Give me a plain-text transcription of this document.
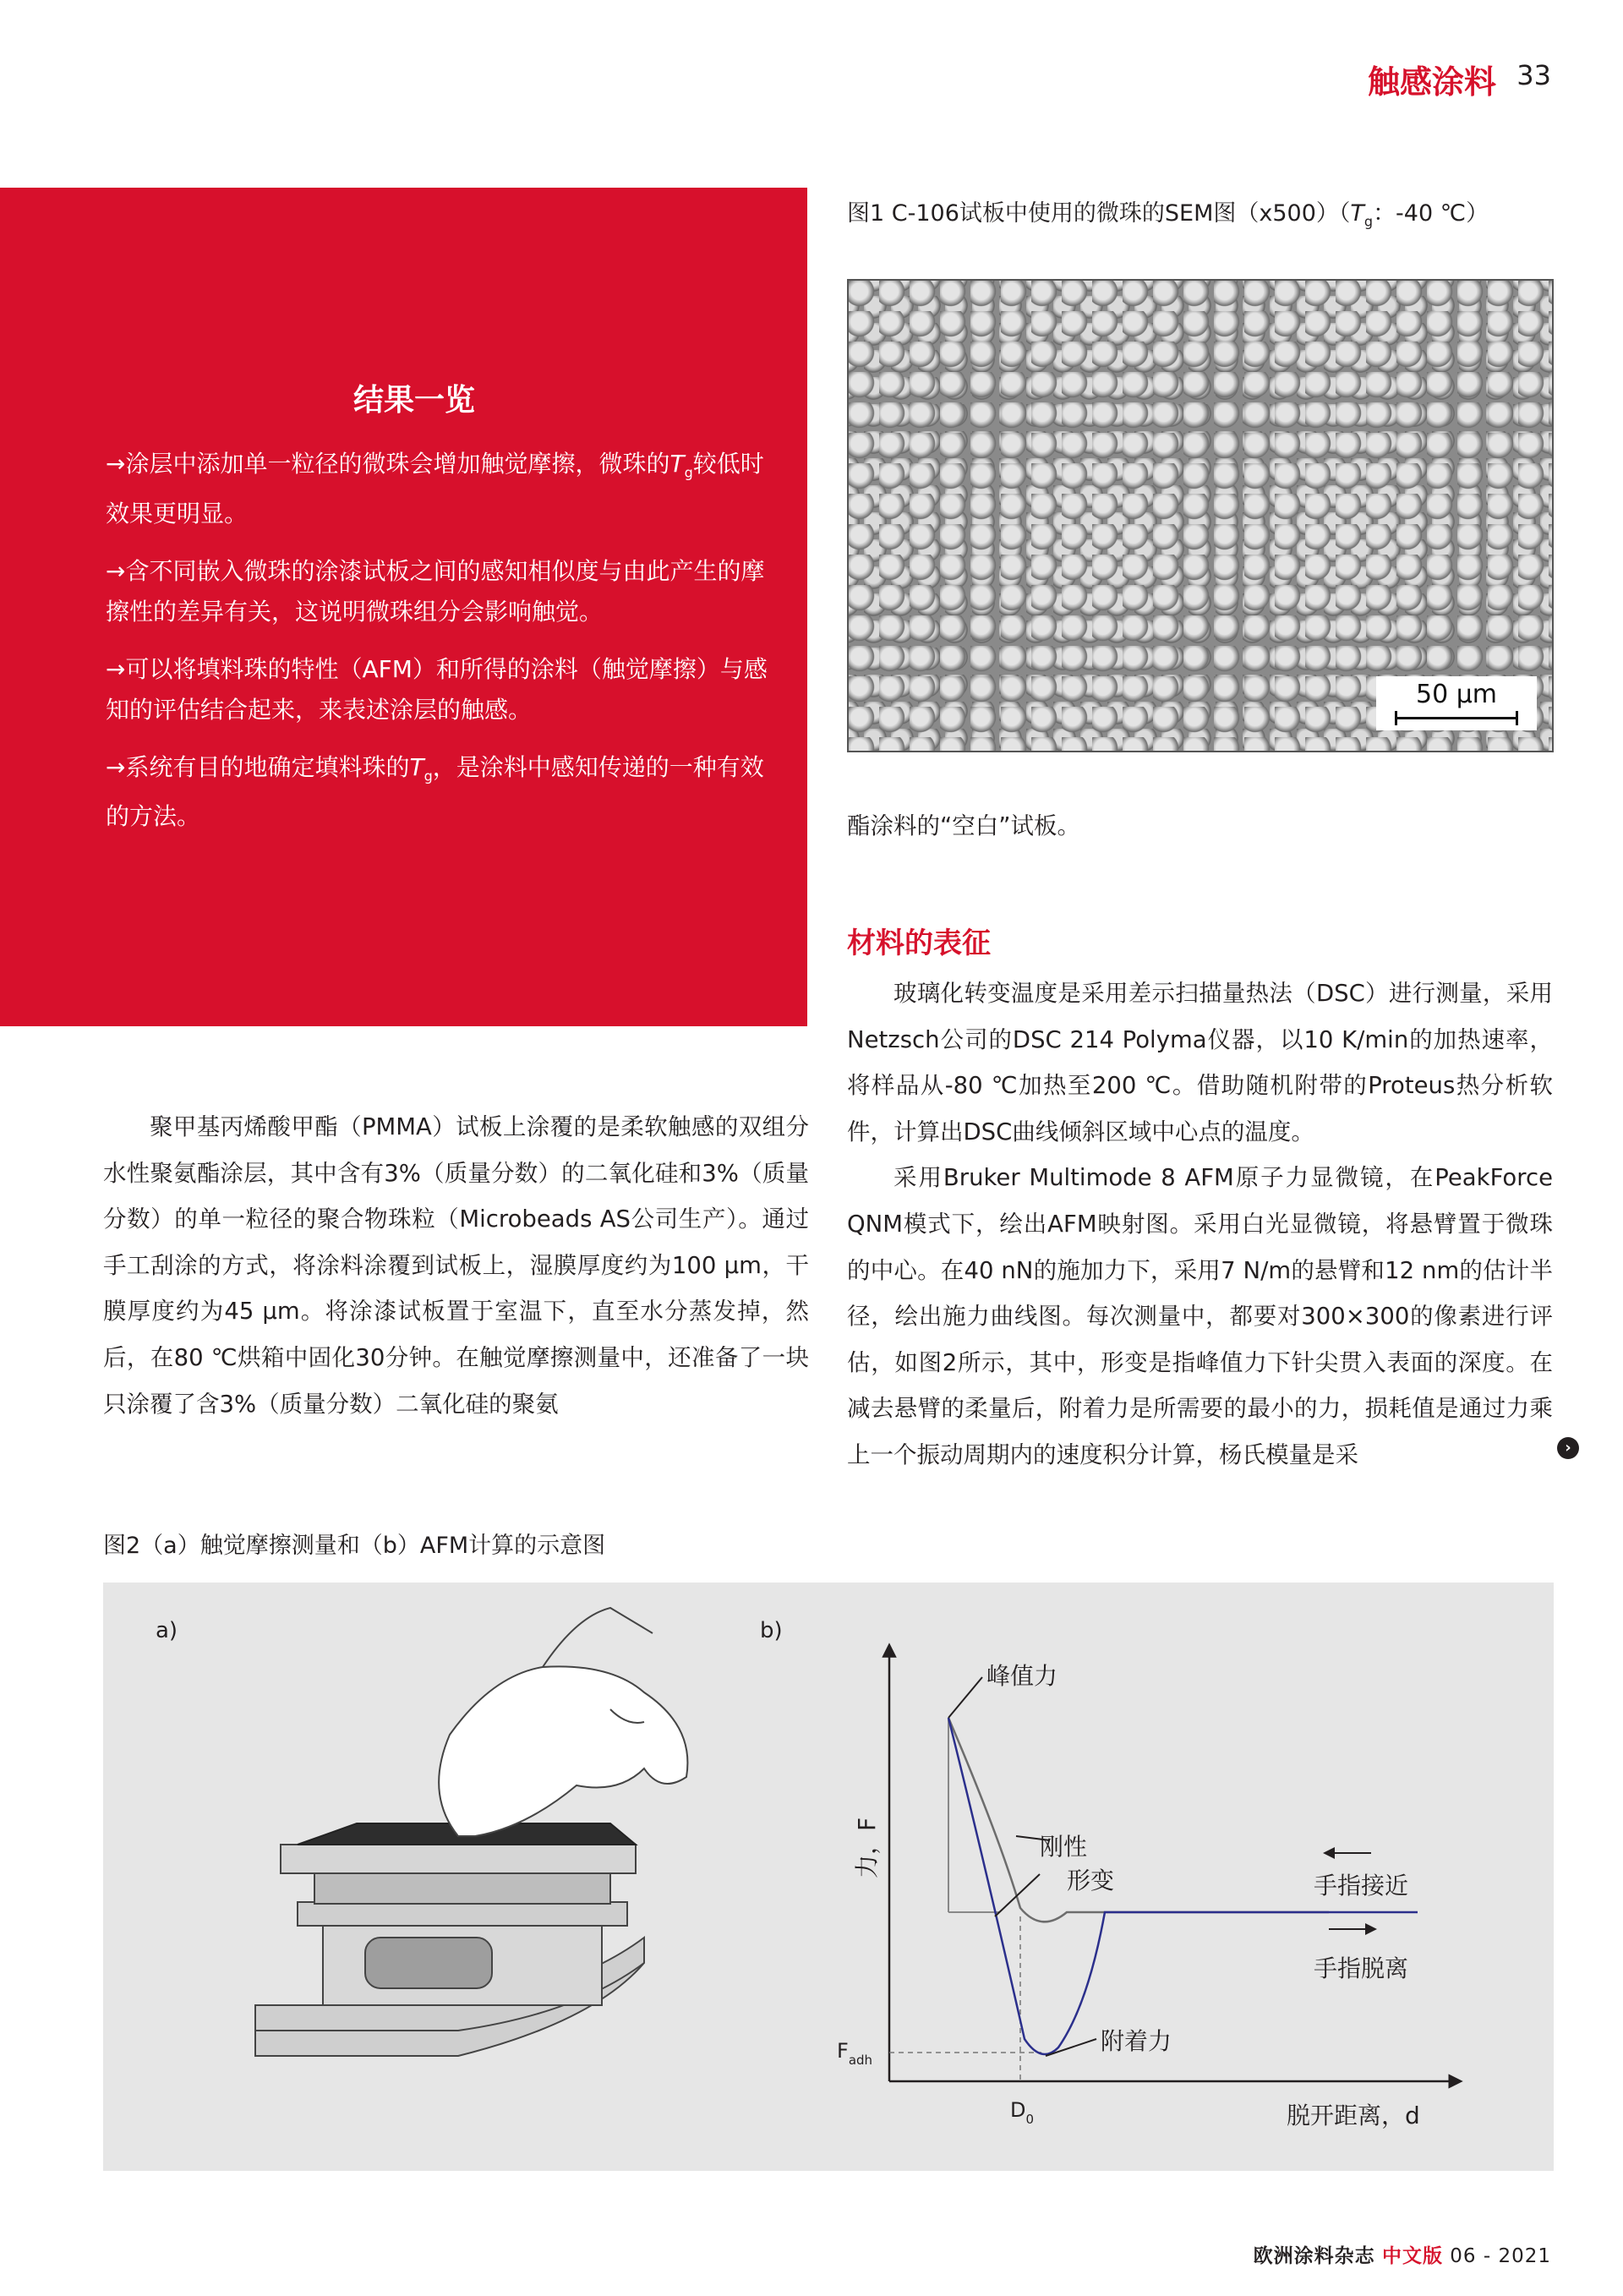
触感涂料 33
结果一览

→涂层中添加单一粒径的微珠会增加触觉摩擦，微珠的$T_g$较低时效果更明显。

→含不同嵌入微珠的涂漆试板之间的感知相似度与由此产生的摩擦性的差异有关，这说明微珠组分会影响触觉。

→可以将填料珠的特性（AFM）和所得的涂料（触觉摩擦）与感知的评估结合起来，来表述涂层的触感。

→系统有目的地确定填料珠的$T_g$，是涂料中感知传递的一种有效的方法。

图1 C-106试板中使用的微珠的SEM图$(x500)(T_g$：-40 ℃）
50 µm
酯涂料的“空白”试板。
材料的表征

玻璃化转变温度是采用差示扫描量热法（DSC）进行测量，采用Netzsch公司的DSC 214 Polyma仪器，以10 K/min的加热速率，将样品从-80 ℃加热至200 ℃。借助随机附带的Proteus热分析软件，计算出DSC曲线倾斜区域中心点的温度。

采用Bruker Multimode 8 AFM原子力显微镜，在PeakForce QNM模式下，绘出AFM映射图。采用白光显微镜，将悬臂置于微珠的中心。在40 nN的施加力下，采用7 N/m的悬臂和12 nm的估计半径，绘出施力曲线图。每次测量中，都要对300×300的像素进行评估，如图2所示，其中，形变是指峰值力下针尖贯入表面的深度。在减去悬臂的柔量后，附着力是所需要的最小的力，损耗值是通过力乘上一个振动周期内的速度积分计算，杨氏模量是采	›

聚甲基丙烯酸甲酯（PMMA）试板上涂覆的是柔软触感的双组分水性聚氨酯涂层，其中含有3%（质量分数）的二氧化硅和3%（质量分数）的单一粒径的聚合物珠粒（Microbeads AS公司生产）。通过手工刮涂的方式，将涂料涂覆到试板上，湿膜厚度约为100 µm，干膜厚度约为45 µm。将涂漆试板置于室温下，直至水分蒸发掉，然后，在80 ℃烘箱中固化30分钟。在触觉摩擦测量中，还准备了一块只涂覆了含3%（质量分数）二氧化硅的聚氨

图2（a）触觉摩擦测量和（b）AFM计算的示意图
a)	b)
峰值力
刚性
形变
附着力
手指接近
手指脱离
脱开距离，d
力，F
$F_{adh}$
$D_0$
欧洲涂料杂志 中文版 06 - 2021
